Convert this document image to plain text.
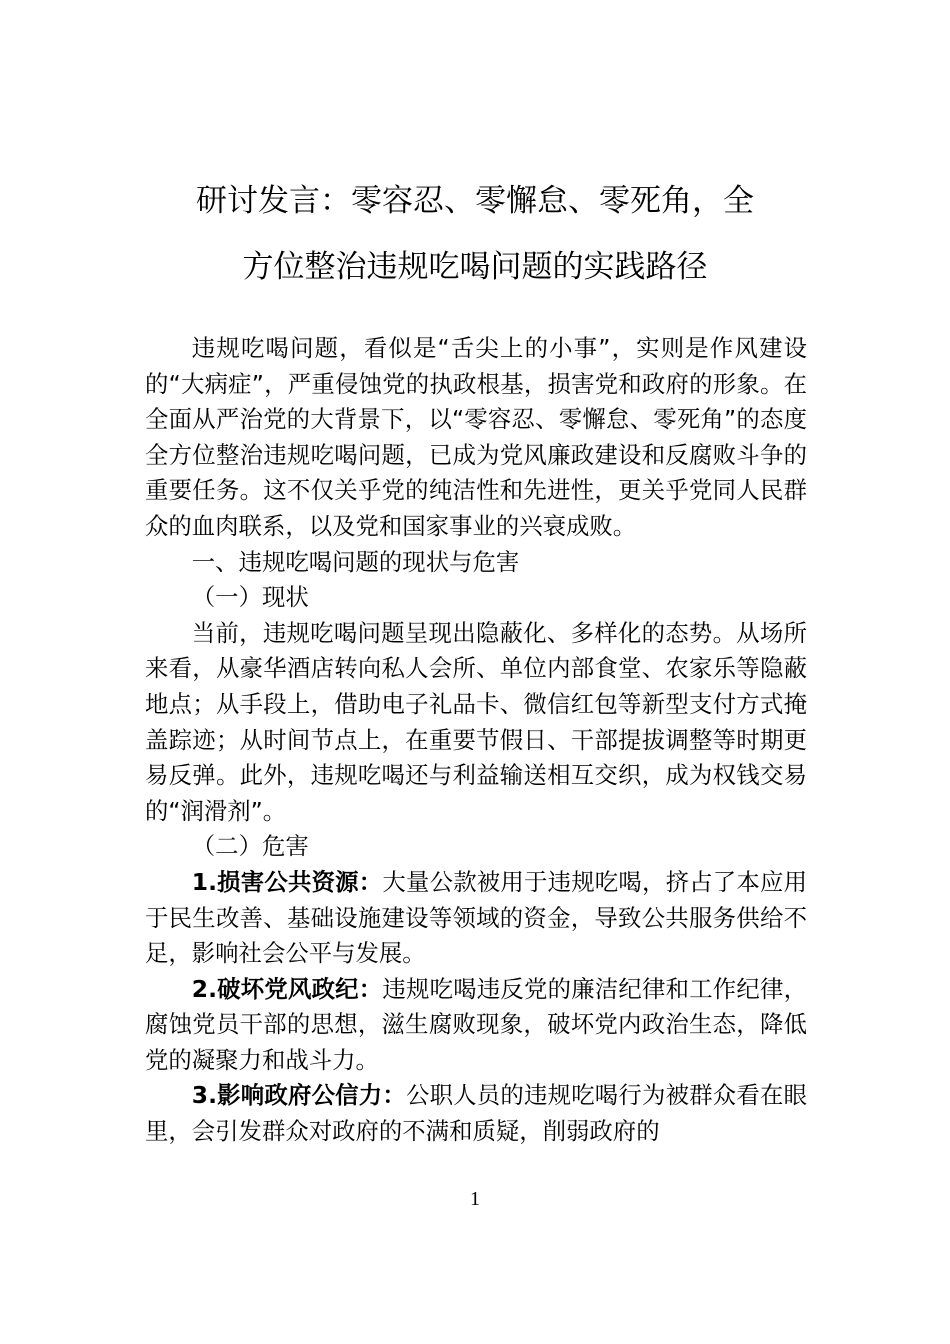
研讨发言：零容忍、零懈怠、零死角，全
方位整治违规吃喝问题的实践路径

违规吃喝问题，看似是“舌尖上的小事”，实则是作风建设的“大病症”，严重侵蚀党的执政根基，损害党和政府的形象。在全面从严治党的大背景下，以“零容忍、零懈怠、零死角”的态度全方位整治违规吃喝问题，已成为党风廉政建设和反腐败斗争的重要任务。这不仅关乎党的纯洁性和先进性，更关乎党同人民群众的血肉联系，以及党和国家事业的兴衰成败。

一、违规吃喝问题的现状与危害

（一）现状

当前，违规吃喝问题呈现出隐蔽化、多样化的态势。从场所来看，从豪华酒店转向私人会所、单位内部食堂、农家乐等隐蔽地点；从手段上，借助电子礼品卡、微信红包等新型支付方式掩盖踪迹；从时间节点上，在重要节假日、干部提拔调整等时期更易反弹。此外，违规吃喝还与利益输送相互交织，成为权钱交易的“润滑剂”。

（二）危害

1.损害公共资源：大量公款被用于违规吃喝，挤占了本应用于民生改善、基础设施建设等领域的资金，导致公共服务供给不足，影响社会公平与发展。

2.破坏党风政纪：违规吃喝违反党的廉洁纪律和工作纪律，腐蚀党员干部的思想，滋生腐败现象，破坏党内政治生态，降低党的凝聚力和战斗力。

3.影响政府公信力：公职人员的违规吃喝行为被群众看在眼里，会引发群众对政府的不满和质疑，削弱政府的

1
